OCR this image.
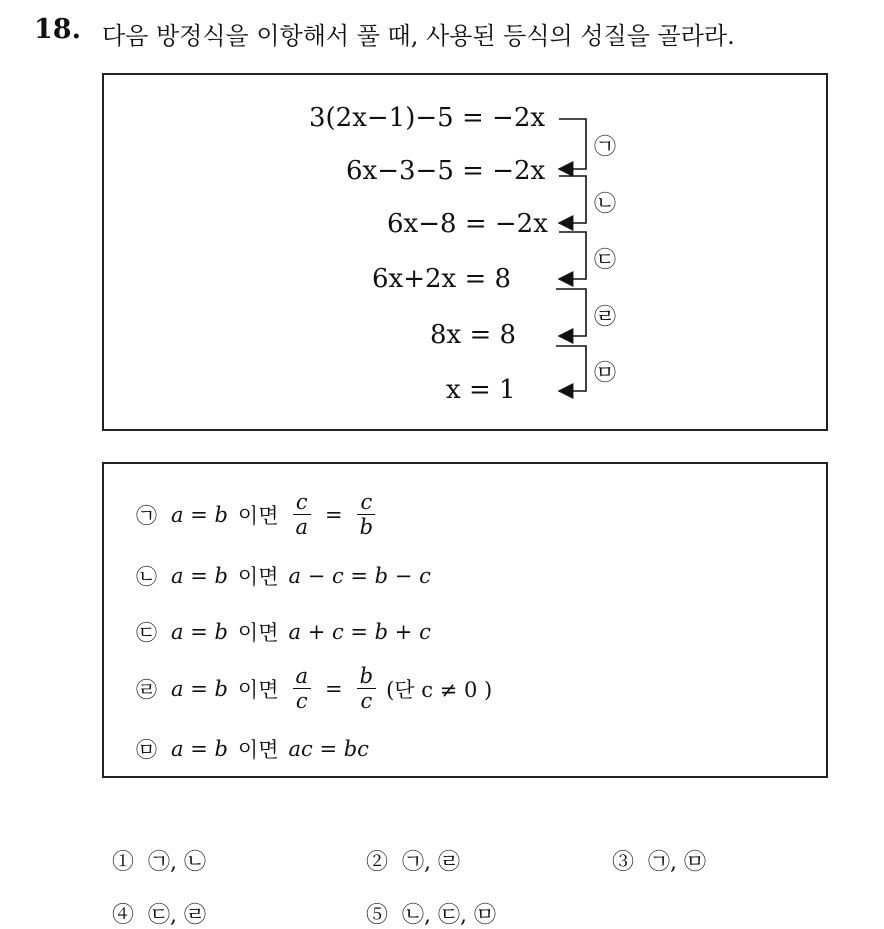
18. 다음 방정식을 이항해서 풀 때, 사용된 등식의 성질을 골라라.
3(2x−1)−5 = −2x
6x−3−5 = −2x
6x−8 = −2x
6x+2x = 8
8x = 8
x = 1
㉠
㉡
㉢
㉣
㉤
㉠ a = b 이면 $\frac{c}{a} = \frac{c}{b}$
㉡ a = b 이면 a − c = b − c
㉢ a = b 이면 a + c = b + c
㉣ a = b 이면 $\frac{a}{c} = \frac{b}{c}$ (단 c ≠ 0 )
㉤ a = b 이면 ac = bc
① ㉠, ㉡	② ㉠, ㉣	③ ㉠, ㉤
④ ㉢, ㉣	⑤ ㉡, ㉢, ㉤
